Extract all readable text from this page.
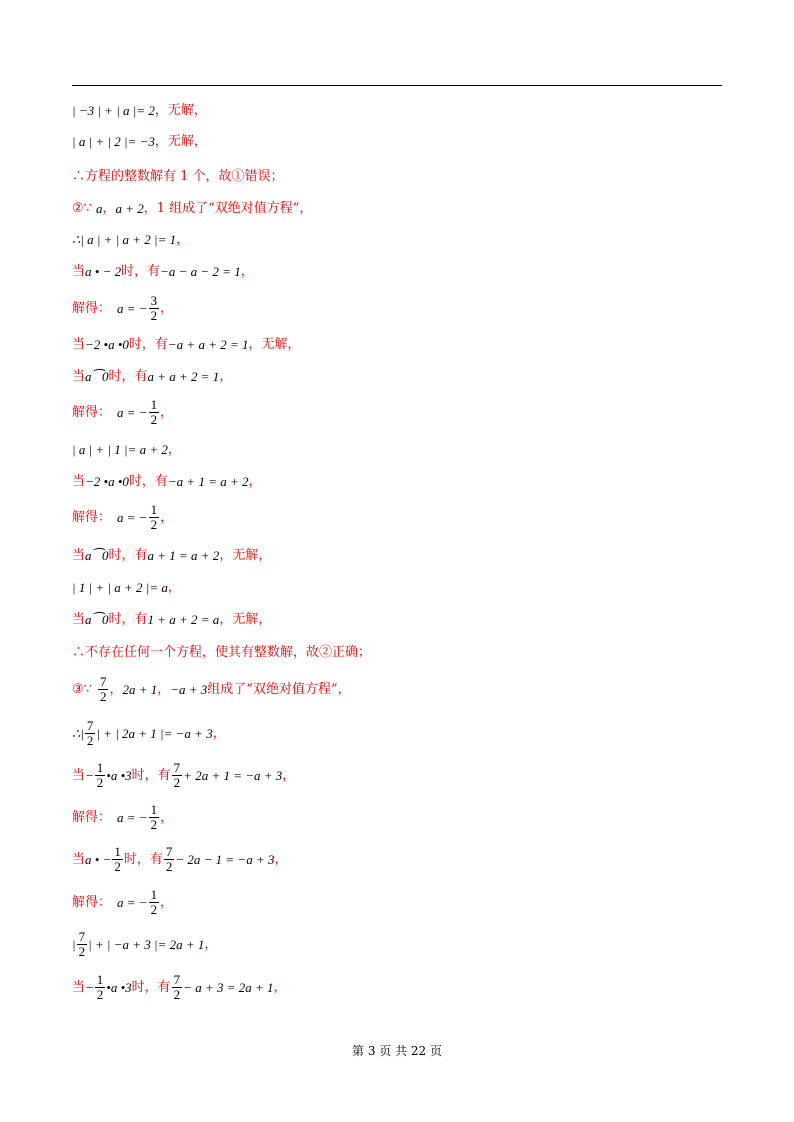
| −3 | + | a |= 2 ，无解，
| a | + | 2 |= −3 ，无解，
∴方程的整数解有 1 个，故①错误；
②∵ a ， a + 2 ，1 组成了“双绝对值方程”，
∴| a | + | a + 2 |= 1 ，
当 a • − 2 时，有 −a − a − 2 = 1 ，
解得： a = − $\frac{3}{2}$ ，
当 −2 •a •0 时，有 −a + a + 2 = 1 ，无解，
当 a⁀0 时，有 a + a + 2 = 1 ，
解得： a = − $\frac{1}{2}$ ，
| a | + | 1 |= a + 2 ，
当 −2 •a •0 时，有 −a + 1 = a + 2 ，
解得： a = − $\frac{1}{2}$ ，
当 a⁀0 时，有 a + 1 = a + 2 ，无解，
| 1 | + | a + 2 |= a ，
当 a⁀0 时，有 1 + a + 2 = a ，无解，
∴不存在任何一个方程，使其有整数解，故②正确；
③∵ $\frac{7}{2}$ ， 2a + 1 ， −a + 3 组成了“双绝对值方程”，
∴| $\frac{7}{2}$ | + | 2a + 1 |= −a + 3 ，
当 − $\frac{1}{2}$ •a •3 时，有 $\frac{7}{2} + 2a + 1 = -a + 3$ ，
解得： a = − $\frac{1}{2}$ ，
当 a • − $\frac{1}{2}$ 时，有 $\frac{7}{2} - 2a - 1 = -a + 3$ ，
解得： a = − $\frac{1}{2}$ ，
| $\frac{7}{2}$ | + | −a + 3 |= 2a + 1 ，
当 − $\frac{1}{2}$ •a •3 时，有 $\frac{7}{2} - a + 3 = 2a + 1$ ，
第 3 页 共 22 页
